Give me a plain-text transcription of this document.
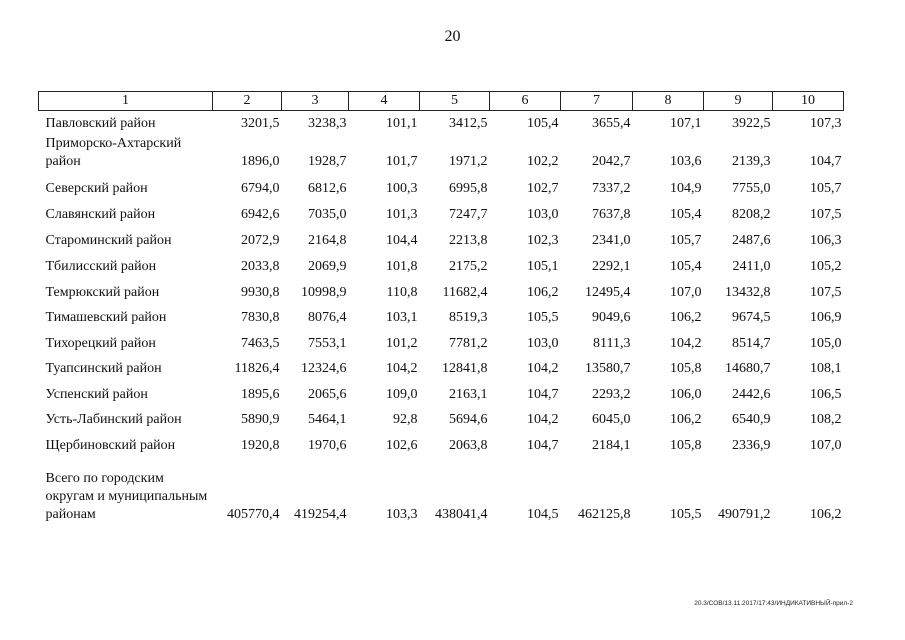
20
1	2	3	4	5	6	7	8	9	10
Павловский район	3201,5	3238,3	101,1	3412,5	105,4	3655,4	107,1	3922,5	107,3
Приморско-Ахтарский район	1896,0	1928,7	101,7	1971,2	102,2	2042,7	103,6	2139,3	104,7
Северский район	6794,0	6812,6	100,3	6995,8	102,7	7337,2	104,9	7755,0	105,7
Славянский район	6942,6	7035,0	101,3	7247,7	103,0	7637,8	105,4	8208,2	107,5
Староминский район	2072,9	2164,8	104,4	2213,8	102,3	2341,0	105,7	2487,6	106,3
Тбилисский район	2033,8	2069,9	101,8	2175,2	105,1	2292,1	105,4	2411,0	105,2
Темрюкский район	9930,8	10998,9	110,8	11682,4	106,2	12495,4	107,0	13432,8	107,5
Тимашевский район	7830,8	8076,4	103,1	8519,3	105,5	9049,6	106,2	9674,5	106,9
Тихорецкий район	7463,5	7553,1	101,2	7781,2	103,0	8111,3	104,2	8514,7	105,0
Туапсинский район	11826,4	12324,6	104,2	12841,8	104,2	13580,7	105,8	14680,7	108,1
Успенский район	1895,6	2065,6	109,0	2163,1	104,7	2293,2	106,0	2442,6	106,5
Усть-Лабинский район	5890,9	5464,1	92,8	5694,6	104,2	6045,0	106,2	6540,9	108,2
Щербиновский район	1920,8	1970,6	102,6	2063,8	104,7	2184,1	105,8	2336,9	107,0
Всего по городским округам и муниципальным районам	405770,4	419254,4	103,3	438041,4	104,5	462125,8	105,5	490791,2	106,2
20.3/СОВ/13.11.2017/17:43/ИНДИКАТИВНЫЙ-прил-2
